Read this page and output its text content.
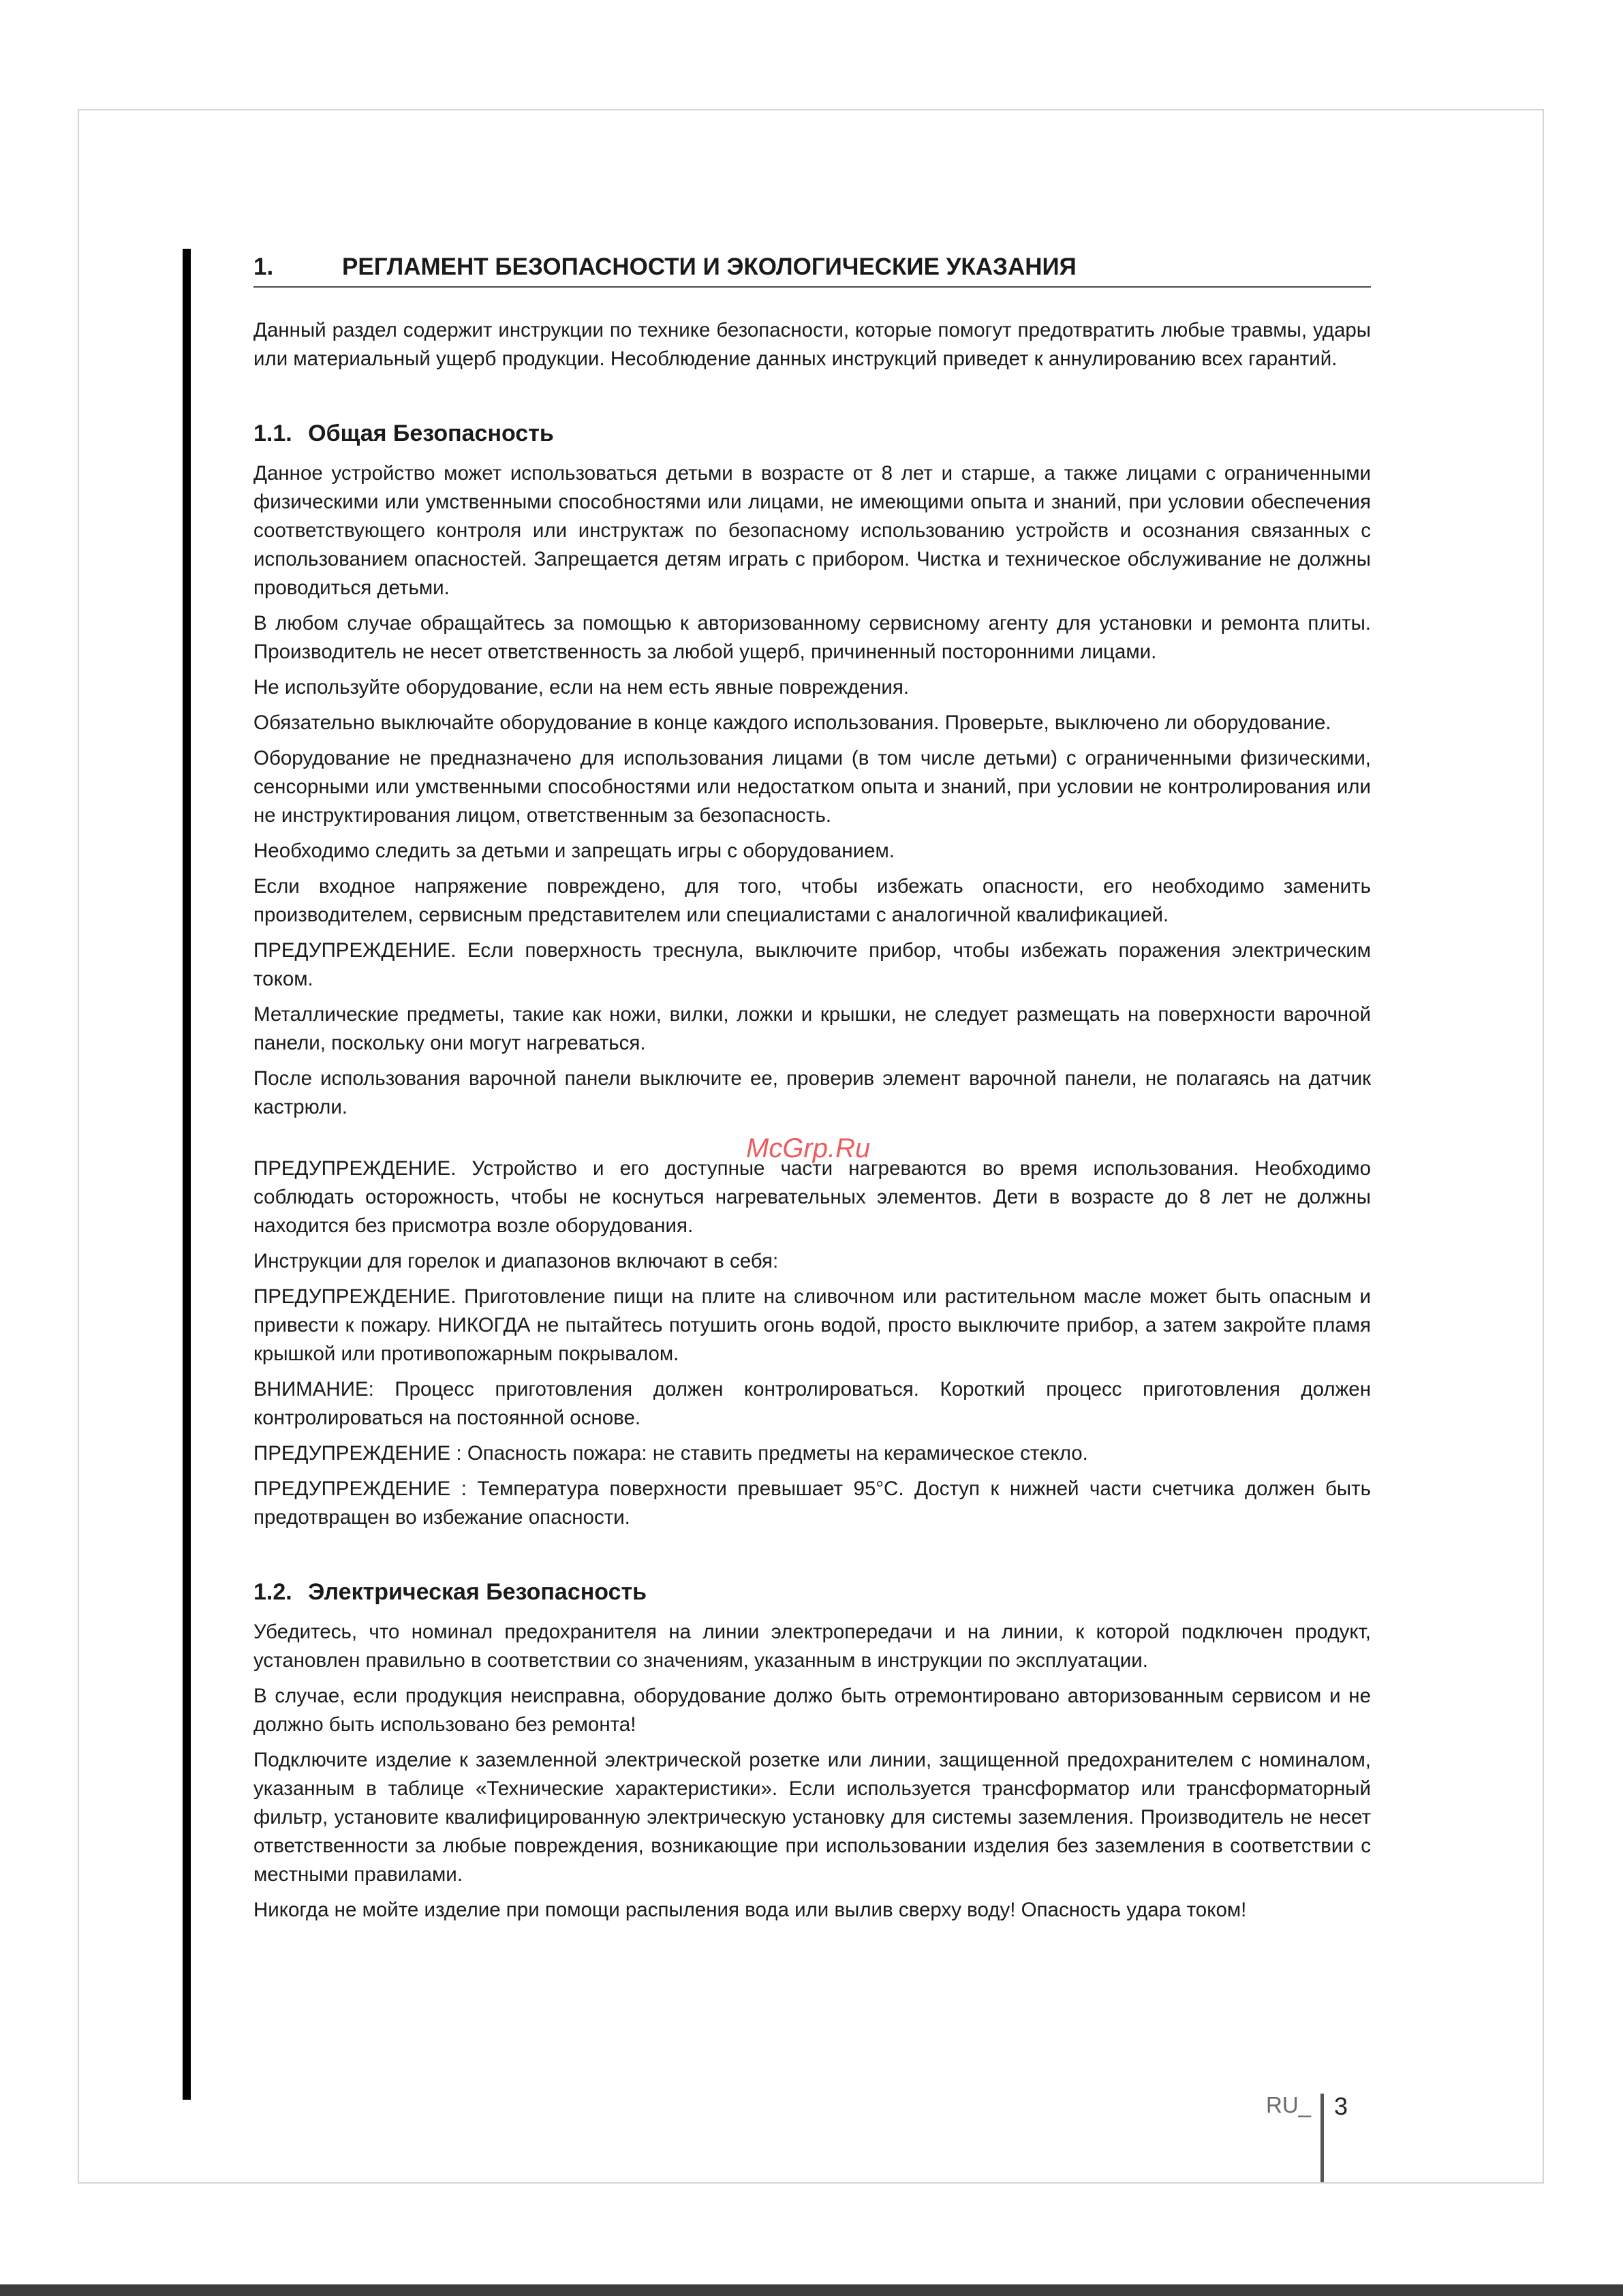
1.	РЕГЛАМЕНТ БЕЗОПАСНОСТИ И ЭКОЛОГИЧЕСКИЕ УКАЗАНИЯ

Данный раздел содержит инструкции по технике безопасности, которые помогут предотвратить любые травмы, удары или материальный ущерб продукции. Несоблюдение данных инструкций приведет к аннулированию всех гарантий.

1.1. Общая Безопасность

Данное устройство может использоваться детьми в возрасте от 8 лет и старше, а также лицами с ограниченными физическими или умственными способностями или лицами, не имеющими опыта и знаний, при условии обеспечения соответствующего контроля или инструктаж по безопасному использованию устройств и осознания связанных с использованием опасностей. Запрещается детям играть с прибором. Чистка и техническое обслуживание не должны проводиться детьми.

В любом случае обращайтесь за помощью к авторизованному сервисному агенту для установки и ремонта плиты. Производитель не несет ответственность за любой ущерб, причиненный посторонними лицами.

Не используйте оборудование, если на нем есть явные повреждения.

Обязательно выключайте оборудование в конце каждого использования. Проверьте, выключено ли оборудование.

Оборудование не предназначено для использования лицами (в том числе детьми) с ограниченными физическими, сенсорными или умственными способностями или недостатком опыта и знаний, при условии не контролирования или не инструктирования лицом, ответственным за безопасность.

Необходимо следить за детьми и запрещать игры с оборудованием.

Если входное напряжение повреждено, для того, чтобы избежать опасности, его необходимо заменить производителем, сервисным представителем или специалистами с аналогичной квалификацией.

ПРЕДУПРЕЖДЕНИЕ. Если поверхность треснула, выключите прибор, чтобы избежать поражения электрическим током.

Металлические предметы, такие как ножи, вилки, ложки и крышки, не следует размещать на поверхности варочной панели, поскольку они могут нагреваться.

После использования варочной панели выключите ее, проверив элемент варочной панели, не полагаясь на датчик кастрюли.

ПРЕДУПРЕЖДЕНИЕ. Устройство и его доступные части нагреваются во время использования. Необходимо соблюдать осторожность, чтобы не коснуться нагревательных элементов. Дети в возрасте до 8 лет не должны находится без присмотра возле оборудования.

Инструкции для горелок и диапазонов включают в себя:

ПРЕДУПРЕЖДЕНИЕ. Приготовление пищи на плите на сливочном или растительном масле может быть опасным и привести к пожару. НИКОГДА не пытайтесь потушить огонь водой, просто выключите прибор, а затем закройте пламя крышкой или противопожарным покрывалом.

ВНИМАНИЕ: Процесс приготовления должен контролироваться. Короткий процесс приготовления должен контролироваться на постоянной основе.

ПРЕДУПРЕЖДЕНИЕ : Опасность пожара: не ставить предметы на керамическое стекло.

ПРЕДУПРЕЖДЕНИЕ : Температура поверхности превышает 95°C. Доступ к нижней части счетчика должен быть предотвращен во избежание опасности.

1.2. Электрическая Безопасность

Убедитесь, что номинал предохранителя на линии электропередачи и на линии, к которой подключен продукт, установлен правильно в соответствии со значениям, указанным в инструкции по эксплуатации.

В случае, если продукция неисправна, оборудование должо быть отремонтировано авторизованным сервисом и не должно быть использовано без ремонта!

Подключите изделие к заземленной электрической розетке или линии, защищенной предохранителем с номиналом, указанным в таблице «Технические характеристики». Если используется трансформатор или трансформаторный фильтр, установите квалифицированную электрическую установку для системы заземления. Производитель не несет ответственности за любые повреждения, возникающие при использовании изделия без заземления в соответствии с местными правилами.

Никогда не мойте изделие при помощи распыления вода или вылив сверху воду! Опасность удара током!

McGrp.Ru
RU_ 3
